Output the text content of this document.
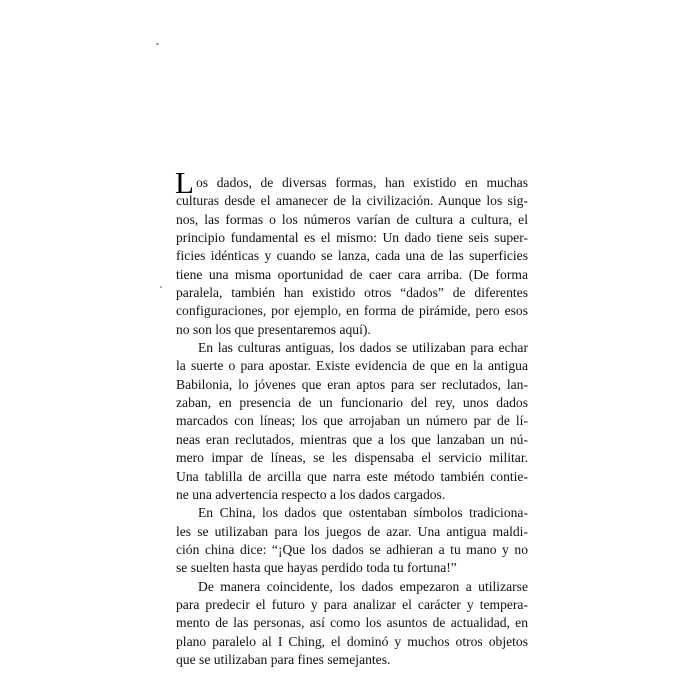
L os dados, de diversas formas, han existido en muchas
culturas desde el amanecer de la civilización. Aunque los sig-
nos, las formas o los números varían de cultura a cultura, el
principio fundamental es el mismo: Un dado tiene seis super-
ficies idénticas y cuando se lanza, cada una de las superficies
tiene una misma oportunidad de caer cara arriba. (De forma
paralela, también han existido otros “dados” de diferentes
configuraciones, por ejemplo, en forma de pirámide, pero esos
no son los que presentaremos aquí).
En las culturas antiguas, los dados se utilizaban para echar
la suerte o para apostar. Existe evidencia de que en la antigua
Babilonia, lo jóvenes que eran aptos para ser reclutados, lan-
zaban, en presencia de un funcionario del rey, unos dados
marcados con líneas; los que arrojaban un número par de lí-
neas eran reclutados, mientras que a los que lanzaban un nú-
mero impar de líneas, se les dispensaba el servicio militar.
Una tablilla de arcilla que narra este método también contie-
ne una advertencia respecto a los dados cargados.
En China, los dados que ostentaban símbolos tradiciona-
les se utilizaban para los juegos de azar. Una antigua maldi-
ción china dice: “¡Que los dados se adhieran a tu mano y no
se suelten hasta que hayas perdido toda tu fortuna!”
De manera coincidente, los dados empezaron a utilizarse
para predecir el futuro y para analizar el carácter y tempera-
mento de las personas, así como los asuntos de actualidad, en
plano paralelo al I Ching, el dominó y muchos otros objetos
que se utilizaban para fines semejantes.
